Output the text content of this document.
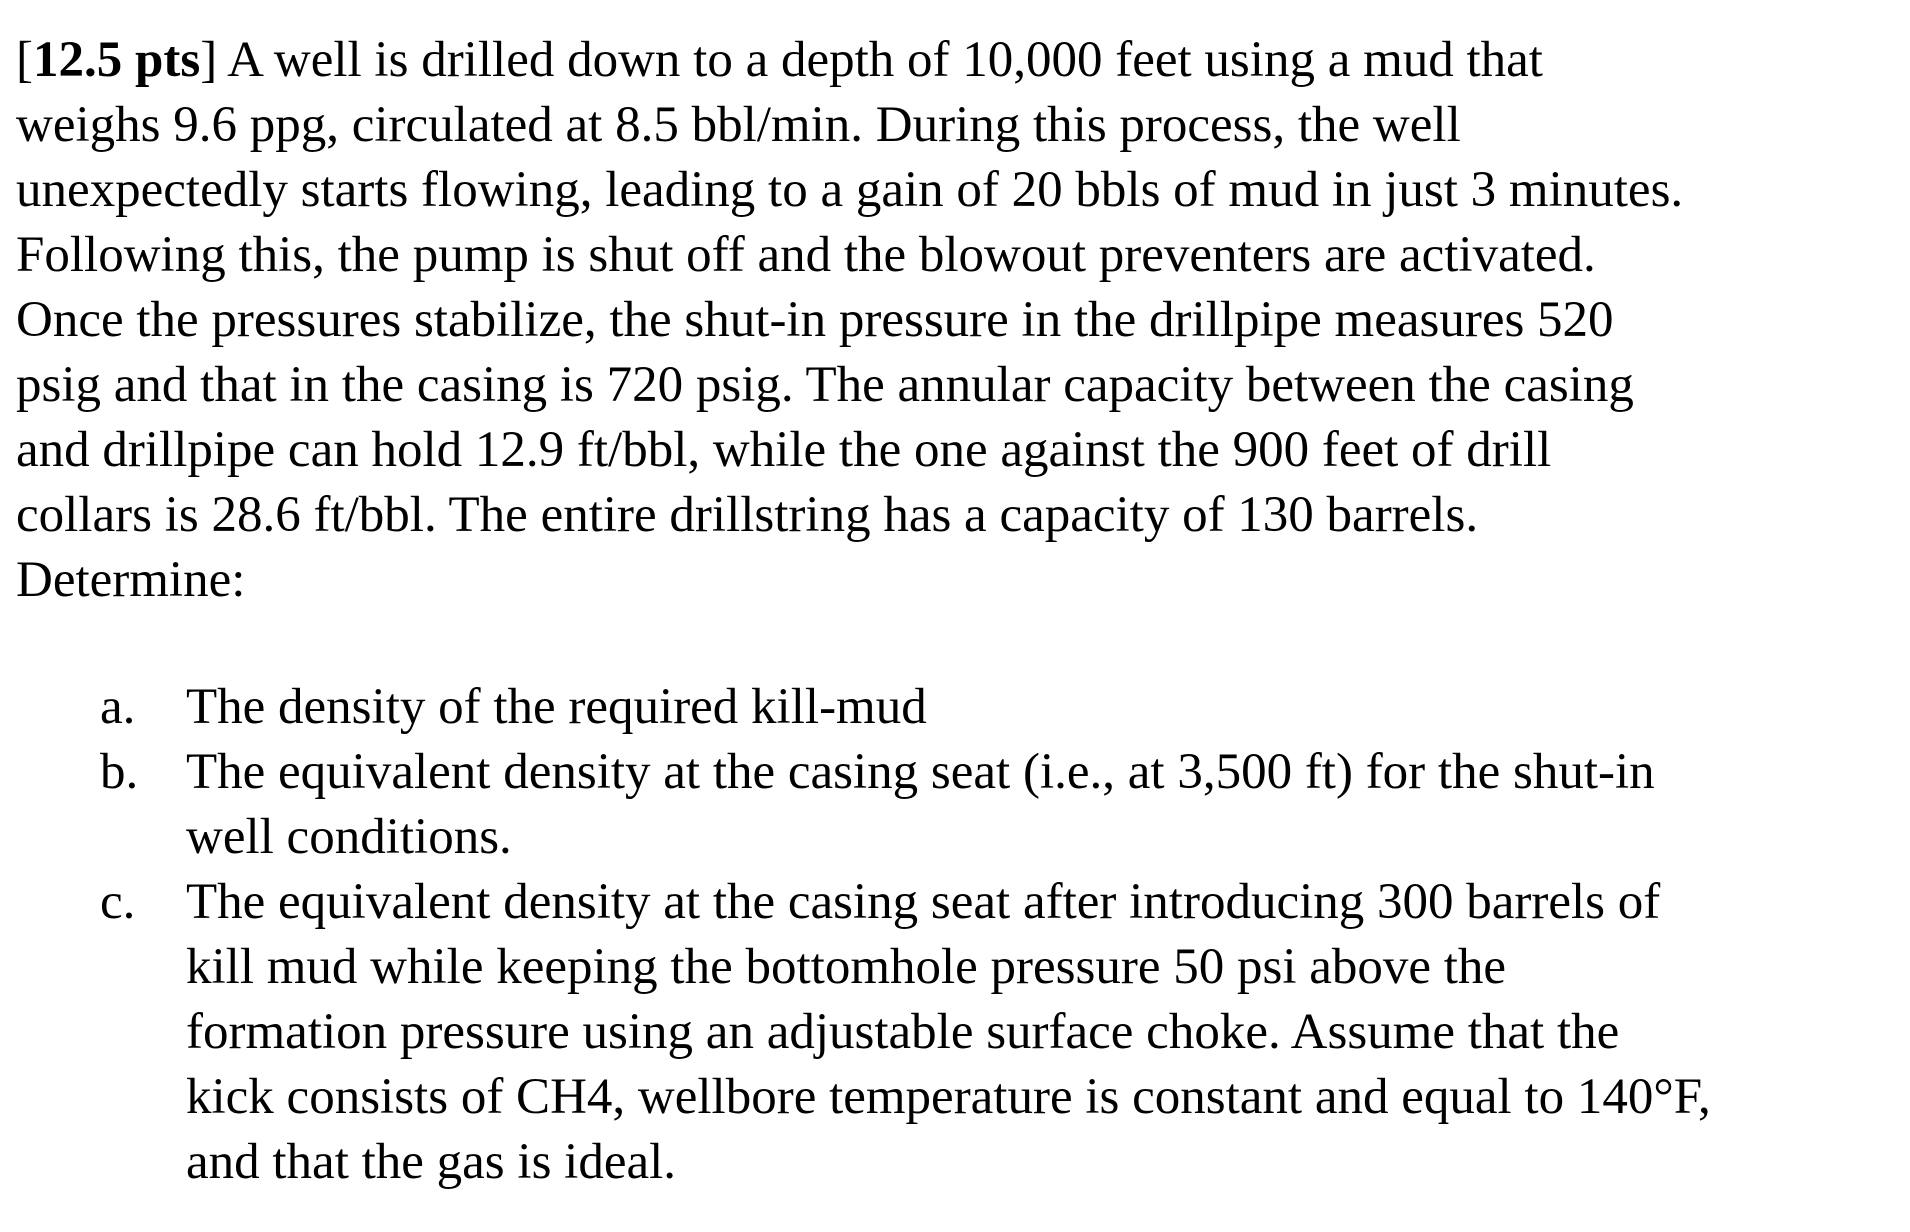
[12.5 pts] A well is drilled down to a depth of 10,000 feet using a mud that
weighs 9.6 ppg, circulated at 8.5 bbl/min. During this process, the well
unexpectedly starts flowing, leading to a gain of 20 bbls of mud in just 3 minutes.
Following this, the pump is shut off and the blowout preventers are activated.
Once the pressures stabilize, the shut-in pressure in the drillpipe measures 520
psig and that in the casing is 720 psig. The annular capacity between the casing
and drillpipe can hold 12.9 ft/bbl, while the one against the 900 feet of drill
collars is 28.6 ft/bbl. The entire drillstring has a capacity of 130 barrels.
Determine:

a. The density of the required kill-mud
b. The equivalent density at the casing seat (i.e., at 3,500 ft) for the shut-in
well conditions.
c. The equivalent density at the casing seat after introducing 300 barrels of
kill mud while keeping the bottomhole pressure 50 psi above the
formation pressure using an adjustable surface choke. Assume that the
kick consists of CH4, wellbore temperature is constant and equal to 140°F,
and that the gas is ideal.
